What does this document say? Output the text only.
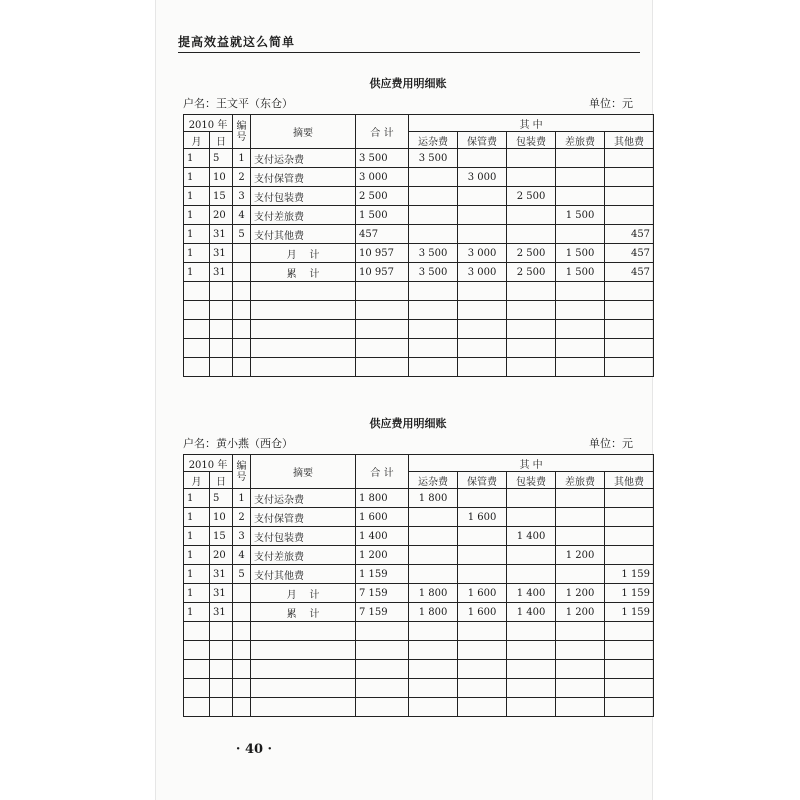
提高效益就这么简单
供应费用明细账
户名：王文平（东仓）	单位：元
2010 年		编号	摘要	合 计	其 中				
月	日				运杂费	保管费	包装费	差旅费	其他费
1	5	1	支付运杂费	3 500	3 500				
1	10	2	支付保管费	3 000		3 000			
1	15	3	支付包装费	2 500			2 500		
1	20	4	支付差旅费	1 500				1 500	
1	31	5	支付其他费	457					457
1	31		月    计	10 957	3 500	3 000	2 500	1 500	457
1	31		累    计	10 957	3 500	3 000	2 500	1 500	457

供应费用明细账
户名：黄小燕（西仓）	单位：元
2010 年		编号	摘要	合 计	其 中				
月	日				运杂费	保管费	包装费	差旅费	其他费
1	5	1	支付运杂费	1 800	1 800				
1	10	2	支付保管费	1 600		1 600			
1	15	3	支付包装费	1 400			1 400		
1	20	4	支付差旅费	1 200				1 200	
1	31	5	支付其他费	1 159					1 159
1	31		月    计	7 159	1 800	1 600	1 400	1 200	1 159
1	31		累    计	7 159	1 800	1 600	1 400	1 200	1 159

· 40 ·
